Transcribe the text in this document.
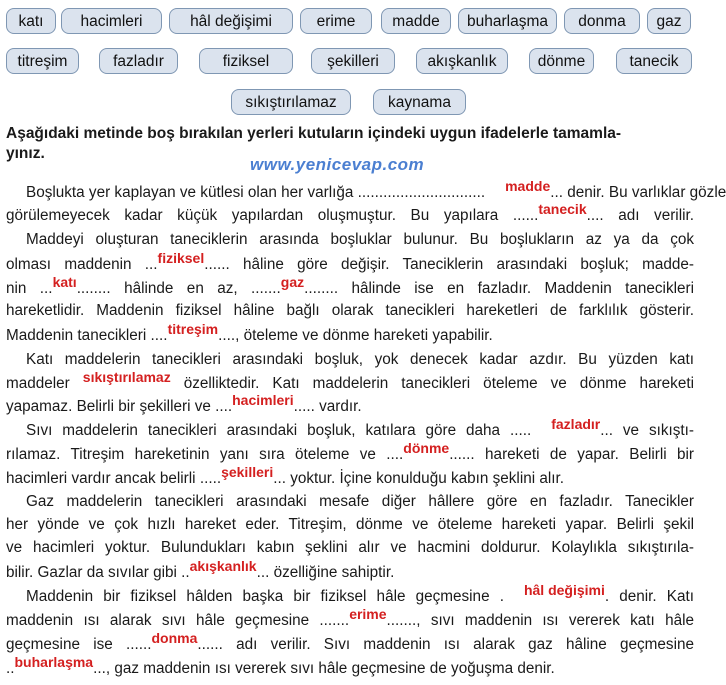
katı	hacimleri	hâl değişimi	erime	madde	buharlaşma	donma	gaz
titreşim	fazladır	fiziksel	şekilleri	akışkanlık	dönme	tanecik
sıkıştırılamaz	kaynama
Aşağıdaki metinde boş bırakılan yerleri kutuların içindeki uygun ifadelerle tamamla-
yınız.
www.yenicevap.com
Boşlukta yer kaplayan ve kütlesi olan her varlığa .............................. madde... denir. Bu varlıklar gözle
görülemeyecek kadar küçük yapılardan oluşmuştur. Bu yapılara ......tanecik.... adı verilir.
Maddeyi oluşturan taneciklerin arasında boşluklar bulunur. Bu boşlukların az ya da çok
olması maddenin ...fiziksel...... hâline göre değişir. Taneciklerin arasındaki boşluk; madde-
nin ...katı........ hâlinde en az, .......gaz........ hâlinde ise en fazladır. Maddenin tanecikleri
hareketlidir. Maddenin fiziksel hâline bağlı olarak tanecikleri hareketleri de farklılık gösterir.
Maddenin tanecikleri ....titreşim...., öteleme ve dönme hareketi yapabilir.
Katı maddelerin tanecikleri arasındaki boşluk, yok denecek kadar azdır. Bu yüzden katı
maddeler sıkıştırılamaz özelliktedir. Katı maddelerin tanecikleri öteleme ve dönme hareketi
yapamaz. Belirli bir şekilleri ve ....hacimleri..... vardır.
Sıvı maddelerin tanecikleri arasındaki boşluk, katılara göre daha ..... fazladır... ve sıkıştı-
rılamaz. Titreşim hareketinin yanı sıra öteleme ve ....dönme...... hareketi de yapar. Belirli bir
hacimleri vardır ancak belirli .....şekilleri... yoktur. İçine konulduğu kabın şeklini alır.
Gaz maddelerin tanecikleri arasındaki mesafe diğer hâllere göre en fazladır. Tanecikler
her yönde ve çok hızlı hareket eder. Titreşim, dönme ve öteleme hareketi yapar. Belirli şekil
ve hacimleri yoktur. Bulundukları kabın şeklini alır ve hacmini doldurur. Kolaylıkla sıkıştırıla-
bilir. Gazlar da sıvılar gibi ..akışkanlık... özelliğine sahiptir.
Maddenin bir fiziksel hâlden başka bir fiziksel hâle geçmesine . hâl değişimi. denir. Katı
maddenin ısı alarak sıvı hâle geçmesine .......erime......., sıvı maddenin ısı vererek katı hâle
geçmesine ise ......donma...... adı verilir. Sıvı maddenin ısı alarak gaz hâline geçmesine
..buharlaşma..., gaz maddenin ısı vererek sıvı hâle geçmesine de yoğuşma denir.
